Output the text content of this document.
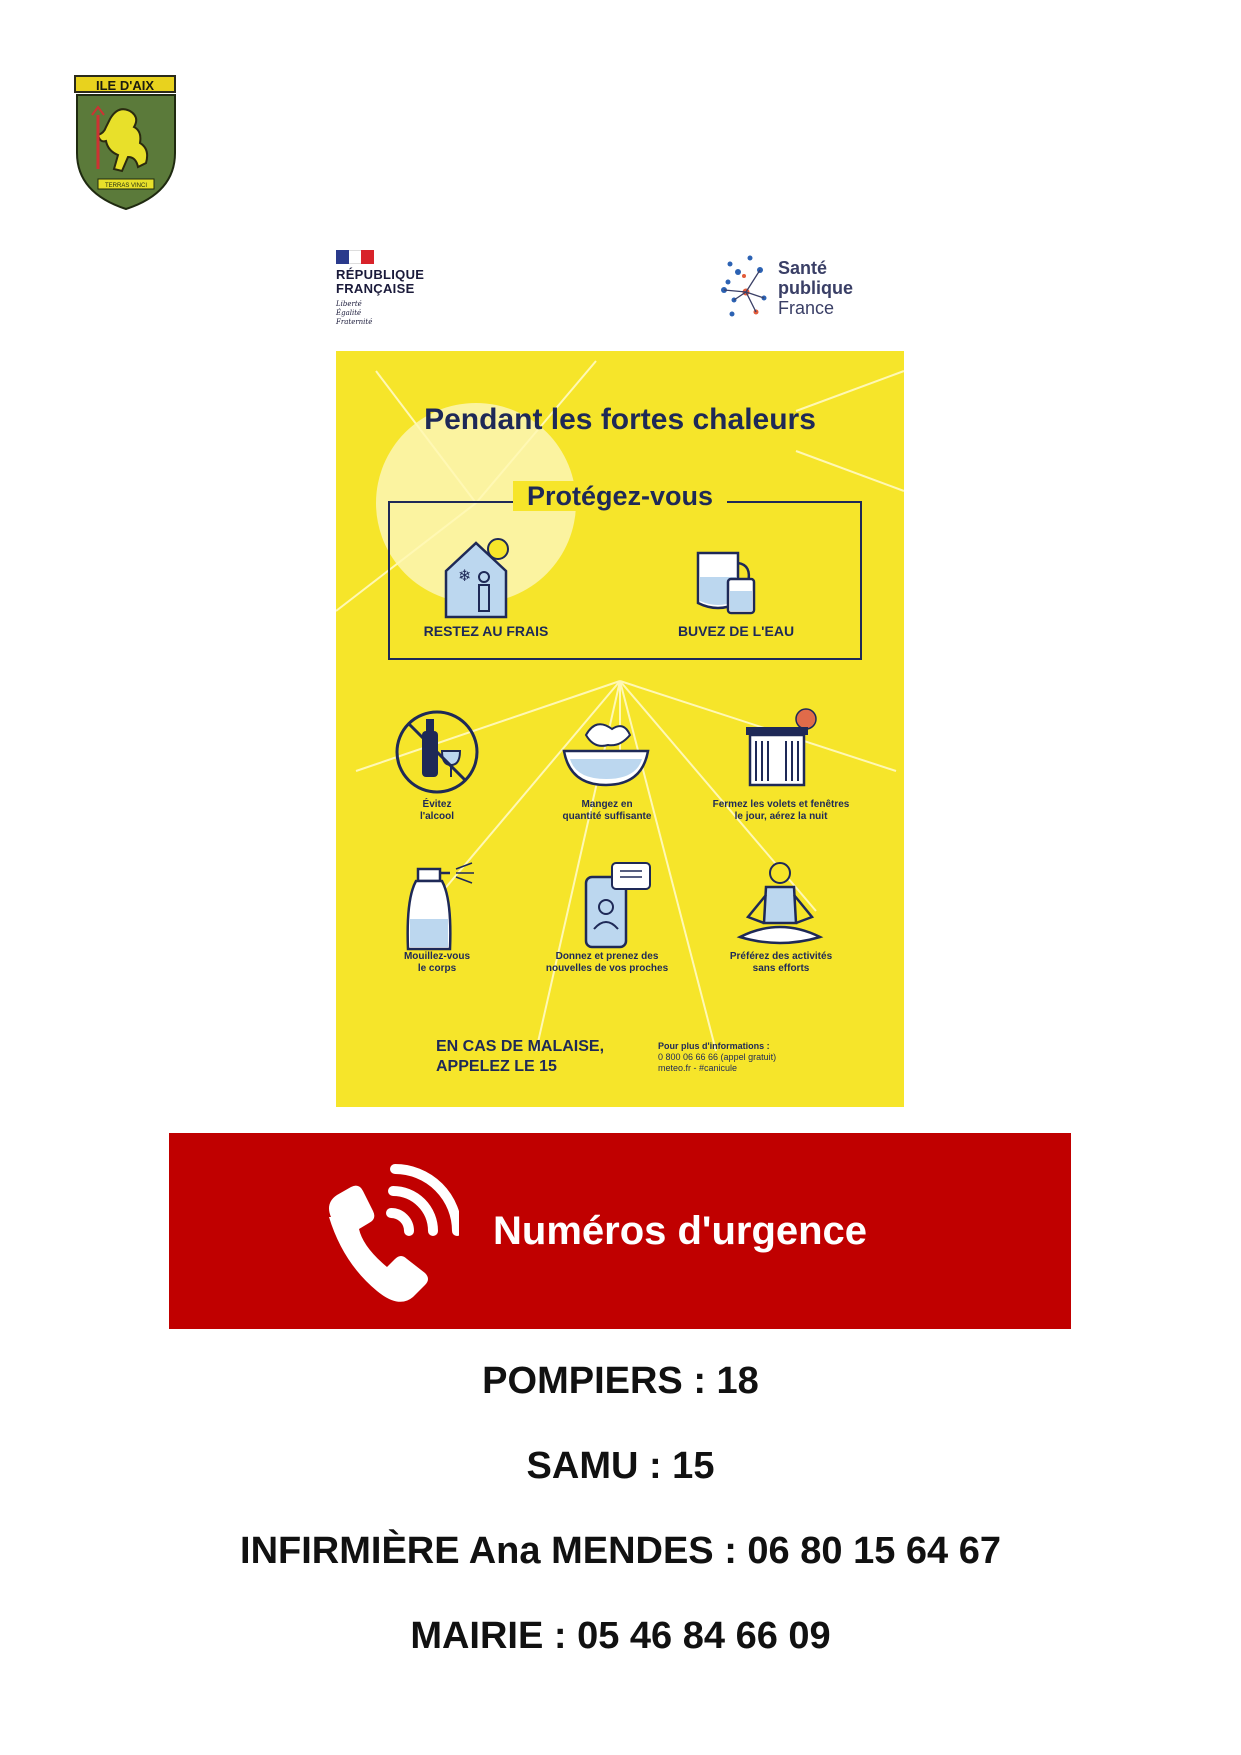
ILE D'AIX
TERRAS VINCI
RÉPUBLIQUE
FRANÇAISE
Liberté
Égalité
Fraternité
Santé
publique
France
Pendant les fortes chaleurs
Protégez-vous
❄
RESTEZ AU FRAIS	BUVEZ DE L'EAU
Évitez
l'alcool
Mangez en
quantité suffisante
Fermez les volets et fenêtres
le jour, aérez la nuit
Mouillez-vous
le corps
Donnez et prenez des
nouvelles de vos proches
Préférez des activités
sans efforts
EN CAS DE MALAISE,
APPELEZ LE 15
Pour plus d'informations :
0 800 06 66 66 (appel gratuit)
meteo.fr - #canicule
Numéros d'urgence
POMPIERS : 18
SAMU : 15
INFIRMIÈRE Ana MENDES : 06 80 15 64 67
MAIRIE : 05 46 84 66 09
